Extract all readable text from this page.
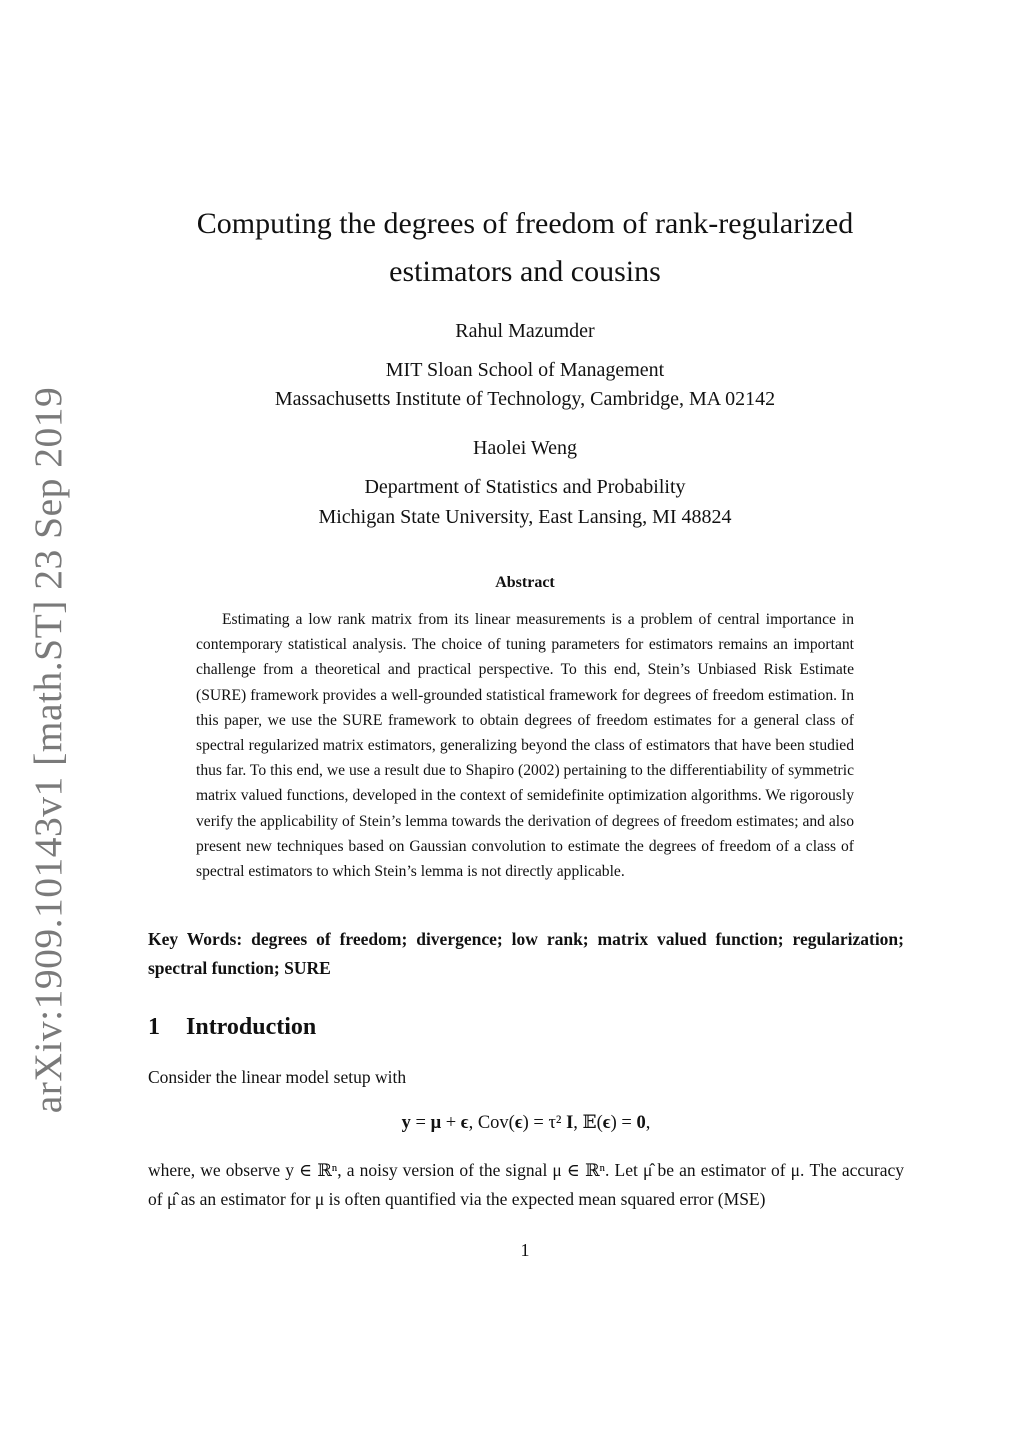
arXiv:1909.10143v1 [math.ST] 23 Sep 2019
Computing the degrees of freedom of rank-regularized
estimators and cousins
Rahul Mazumder
MIT Sloan School of Management
Massachusetts Institute of Technology, Cambridge, MA 02142
Haolei Weng
Department of Statistics and Probability
Michigan State University, East Lansing, MI 48824
Abstract

Estimating a low rank matrix from its linear measurements is a problem of central importance in contemporary statistical analysis. The choice of tuning parameters for estimators remains an important challenge from a theoretical and practical perspective. To this end, Stein’s Unbiased Risk Estimate (SURE) framework provides a well-grounded statistical framework for degrees of freedom estimation. In this paper, we use the SURE framework to obtain degrees of freedom estimates for a general class of spectral regularized matrix estimators, generalizing beyond the class of estimators that have been studied thus far. To this end, we use a result due to Shapiro (2002) pertaining to the differentiability of symmetric matrix valued functions, developed in the context of semidefinite optimization algorithms. We rigorously verify the applicability of Stein’s lemma towards the derivation of degrees of freedom estimates; and also present new techniques based on Gaussian convolution to estimate the degrees of freedom of a class of spectral estimators to which Stein’s lemma is not directly applicable.

Key Words: degrees of freedom; divergence; low rank; matrix valued function; regularization; spectral function; SURE

1 Introduction

Consider the linear model setup with

y = μ + ϵ, Cov(ϵ) = τ² I, 𝔼(ϵ) = 0,

where, we observe y ∈ ℝⁿ, a noisy version of the signal μ ∈ ℝⁿ. Let μ̂ be an estimator of μ. The accuracy of μ̂ as an estimator for μ is often quantified via the expected mean squared error (MSE)

1
